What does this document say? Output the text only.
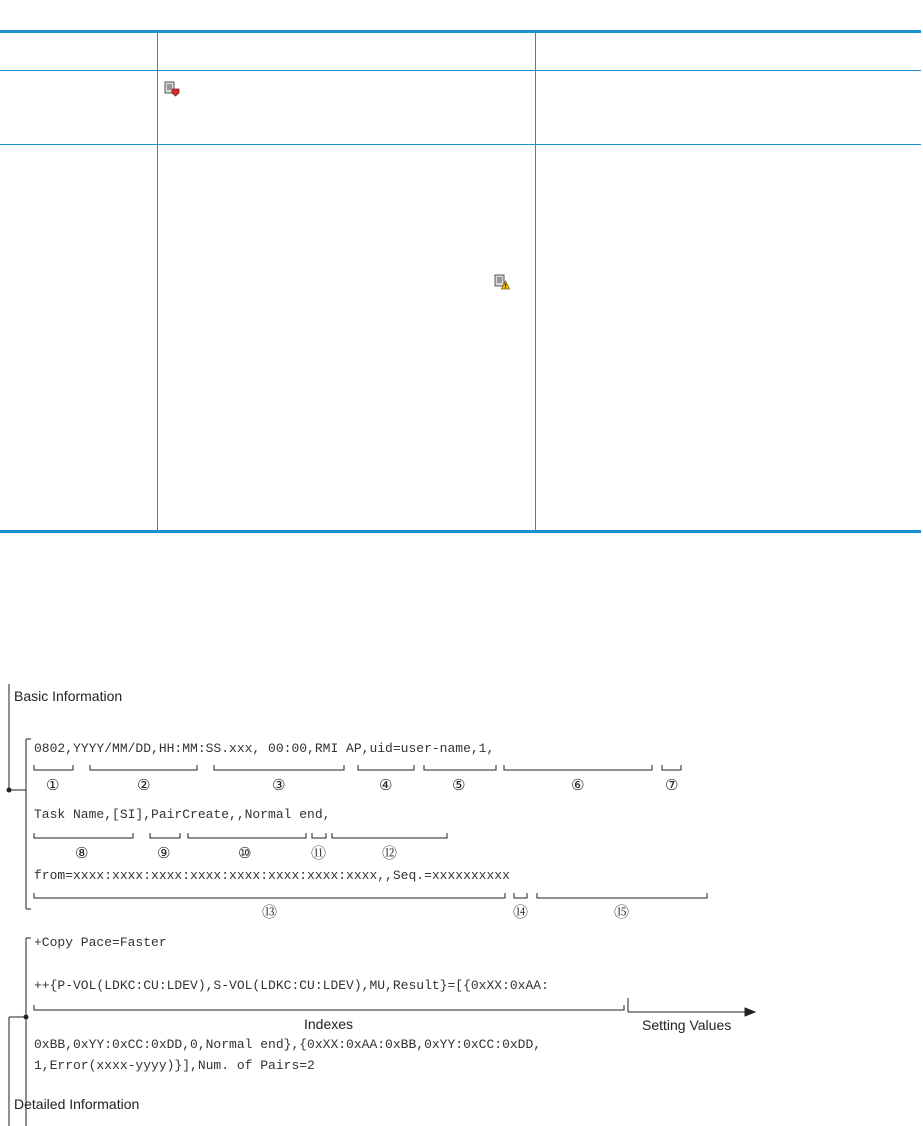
Basic Information
0802,YYYY/MM/DD,HH:MM:SS.xxx, 00:00,RMI AP,uid=user-name,1,
①	②	③	④	⑤	⑥	⑦
Task Name,[SI],PairCreate,,Normal end,
⑧	⑨	⑩	⑪	⑫
from=xxxx:xxxx:xxxx:xxxx:xxxx:xxxx:xxxx:xxxx,,Seq.=xxxxxxxxxx
⑬	⑭	⑮
+Copy Pace=Faster
++{P-VOL(LDKC:CU:LDEV),S-VOL(LDKC:CU:LDEV),MU,Result}=[{0xXX:0xAA:
Indexes	Setting Values
0xBB,0xYY:0xCC:0xDD,0,Normal end},{0xXX:0xAA:0xBB,0xYY:0xCC:0xDD,
1,Error(xxxx-yyyy)}],Num. of Pairs=2
Detailed Information
